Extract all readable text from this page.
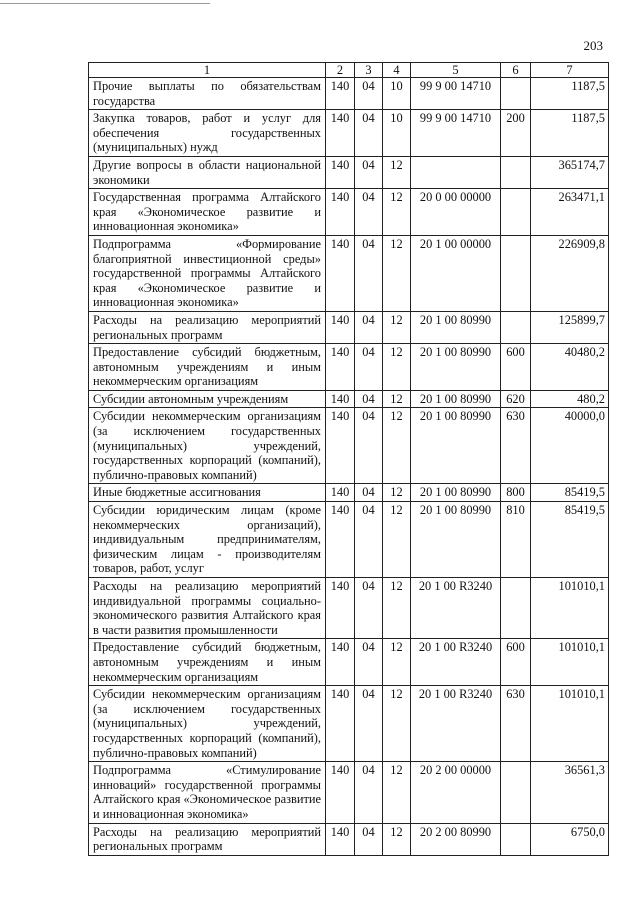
203
1	2	3	4	5	6	7
Прочие выплаты по обязательствам государства	140	04	10	99 9 00 14710		1187,5
Закупка товаров, работ и услуг для обеспечения государственных (муниципальных) нужд	140	04	10	99 9 00 14710	200	1187,5
Другие вопросы в области национальной экономики	140	04	12			365174,7
Государственная программа Алтайского края «Экономическое развитие и инновационная экономика»	140	04	12	20 0 00 00000		263471,1
Подпрограмма «Формирование благоприятной инвестиционной среды» государственной программы Алтайского края «Экономическое развитие и инновационная экономика»	140	04	12	20 1 00 00000		226909,8
Расходы на реализацию мероприятий региональных программ	140	04	12	20 1 00 80990		125899,7
Предоставление субсидий бюджетным, автономным учреждениям и иным некоммерческим организациям	140	04	12	20 1 00 80990	600	40480,2
Субсидии автономным учреждениям	140	04	12	20 1 00 80990	620	480,2
Субсидии некоммерческим организациям (за исключением государственных (муниципальных) учреждений, государственных корпораций (компаний), публично-правовых компаний)	140	04	12	20 1 00 80990	630	40000,0
Иные бюджетные ассигнования	140	04	12	20 1 00 80990	800	85419,5
Субсидии юридическим лицам (кроме некоммерческих организаций), индивидуальным предпринимателям, физическим лицам - производителям товаров, работ, услуг	140	04	12	20 1 00 80990	810	85419,5
Расходы на реализацию мероприятий индивидуальной программы социально-экономического развития Алтайского края в части развития промышленности	140	04	12	20 1 00 R3240		101010,1
Предоставление субсидий бюджетным, автономным учреждениям и иным некоммерческим организациям	140	04	12	20 1 00 R3240	600	101010,1
Субсидии некоммерческим организациям (за исключением государственных (муниципальных) учреждений, государственных корпораций (компаний), публично-правовых компаний)	140	04	12	20 1 00 R3240	630	101010,1
Подпрограмма «Стимулирование инноваций» государственной программы Алтайского края «Экономическое развитие и инновационная экономика»	140	04	12	20 2 00 00000		36561,3
Расходы на реализацию мероприятий региональных программ	140	04	12	20 2 00 80990		6750,0
